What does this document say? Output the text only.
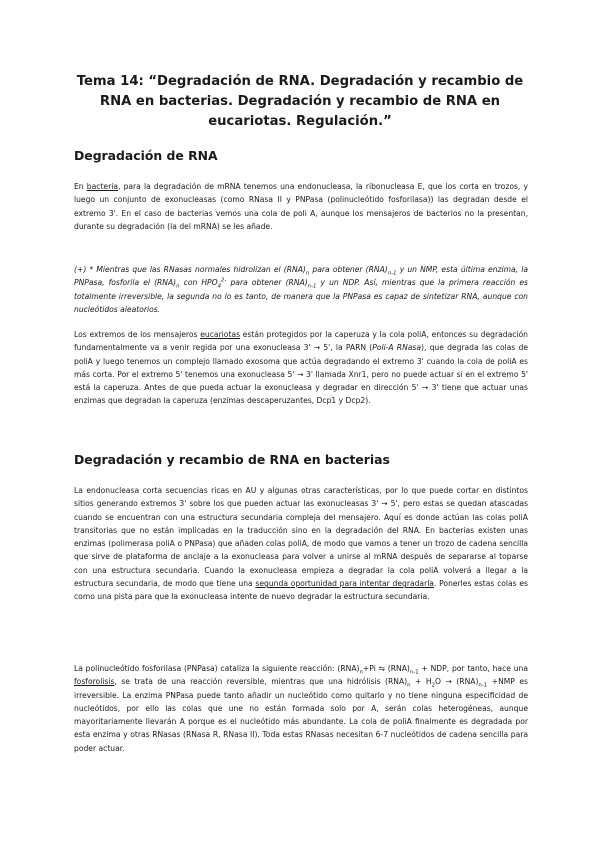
Tema 14: “Degradación de RNA. Degradación y recambio de RNA en bacterias. Degradación y recambio de RNA en eucariotas. Regulación.”
Degradación de RNA

En bacteria, para la degradación de mRNA tenemos una endonucleasa, la ribonucleasa E, que los corta en trozos, y luego un conjunto de exonucleasas (como RNasa II y PNPasa (polinucleótido fosforilasa)) las degradan desde el extremo 3'. En el caso de bacterias vemos una cola de poli A, aunque los mensajeros de bacterios no la presentan, durante su degradación (la del mRNA) se les añade.

(+) * Mientras que las RNasas normales hidrolizan el $(RNA)_n$ para obtener $(RNA)_{n-1}$ y un NMP, esta última enzima, la PNPasa, fosforila el $(RNA)_n$ con $HPO_4^{2-}$ para obtener $(RNA)_{n-1}$ y un NDP. Así, mientras que la primera reacción es totalmente irreversible, la segunda no lo es tanto, de manera que la PNPasa es capaz de sintetizar RNA, aunque con nucleótidos aleatorios.

Los extremos de los mensajeros eucariotas están protegidos por la caperuza y la cola poliA, entonces su degradación fundamentalmente va a venir regida por una exonucleasa 3' → 5', la PARN (Poli-A RNasa), que degrada las colas de poliA y luego tenemos un complejo llamado exosoma que actúa degradando el extremo 3' cuando la cola de poliA es más corta. Por el extremo 5' tenemos una exonucleasa 5' → 3' llamada Xnr1, pero no puede actuar si en el extremo 5' está la caperuza. Antes de que pueda actuar la exonucleasa y degradar en dirección 5' → 3' tiene que actuar unas enzimas que degradan la caperuza (enzimas descaperuzantes, Dcp1 y Dcp2).

Degradación y recambio de RNA en bacterias

La endonucleasa corta secuencias ricas en AU y algunas otras características, por lo que puede cortar en distintos sitios generando extremos 3' sobre los que pueden actuar las exonucleasas 3' → 5', pero estas se quedan atascadas cuando se encuentran con una estructura secundaria compleja del mensajero. Aquí es donde actúan las colas poliA transitorias que no están implicadas en la traducción sino en la degradación del RNA. En bacterias existen unas enzimas (polimerasa poliA o PNPasa) que añaden colas poliA, de modo que vamos a tener un trozo de cadena sencilla que sirve de plataforma de anclaje a la exonucleasa para volver a unirse al mRNA después de separarse al toparse con una estructura secundaria. Cuando la exonucleasa empieza a degradar la cola poliA volverá a llegar a la estructura secundaria, de modo que tiene una segunda oportunidad para intentar degradarla. Ponerles estas colas es como una pista para que la exonucleasa intente de nuevo degradar la estructura secundaria.

La polinucleótido fosforilasa (PNPasa) cataliza la siguiente reacción: $(RNA)_n+Pi$ ⇋ $(RNA)_{n-1}$ + NDP, por tanto, hace una fosforolisis, se trata de una reacción reversible, mientras que una hidrólisis $(RNA)_n + H_2O \to (RNA)_{n-1} +NMP$ es irreversible. La enzima PNPasa puede tanto añadir un nucleótido como quitarlo y no tiene ninguna especificidad de nucleótidos, por ello las colas que une no están formada solo por A, serán colas heterogéneas, aunque mayoritariamente llevarán A porque es el nucleótido más abundante. La cola de poliA finalmente es degradada por esta enzima y otras RNasas (RNasa R, RNasa II). Toda estas RNasas necesitan 6-7 nucleótidos de cadena sencilla para poder actuar.
